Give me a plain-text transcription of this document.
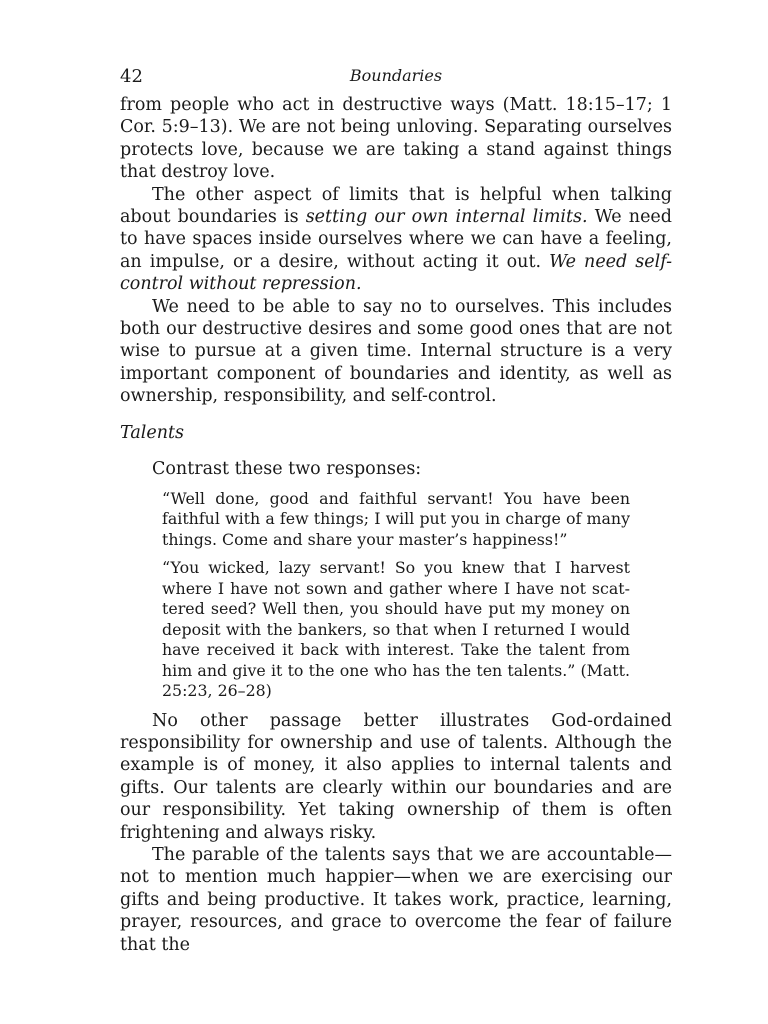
42	Boundaries

from people who act in destructive ways (Matt. 18:15–17; 1 Cor. 5:9–13). We are not being unloving. Separating ourselves protects love, because we are taking a stand against things that destroy love.

The other aspect of limits that is helpful when talking about boundaries is setting our own internal limits. We need to have spaces inside ourselves where we can have a feeling, an impulse, or a desire, without acting it out. We need self-control without repression.

We need to be able to say no to ourselves. This includes both our destructive desires and some good ones that are not wise to pursue at a given time. Internal structure is a very important component of boundaries and identity, as well as ownership, responsibility, and self-control.

Talents

Contrast these two responses:

“Well done, good and faithful servant! You have been faithful with a few things; I will put you in charge of many things. Come and share your master’s happiness!”

“You wicked, lazy servant! So you knew that I harvest where I have not sown and gather where I have not scattered seed? Well then, you should have put my money on deposit with the bankers, so that when I returned I would have received it back with interest. Take the talent from him and give it to the one who has the ten talents.” (Matt. 25:23, 26–28)

No other passage better illustrates God-ordained responsibility for ownership and use of talents. Although the example is of money, it also applies to internal talents and gifts. Our talents are clearly within our boundaries and are our responsibility. Yet taking ownership of them is often frightening and always risky.

The parable of the talents says that we are accountable—not to mention much happier—when we are exercising our gifts and being productive. It takes work, practice, learning, prayer, resources, and grace to overcome the fear of failure that the
